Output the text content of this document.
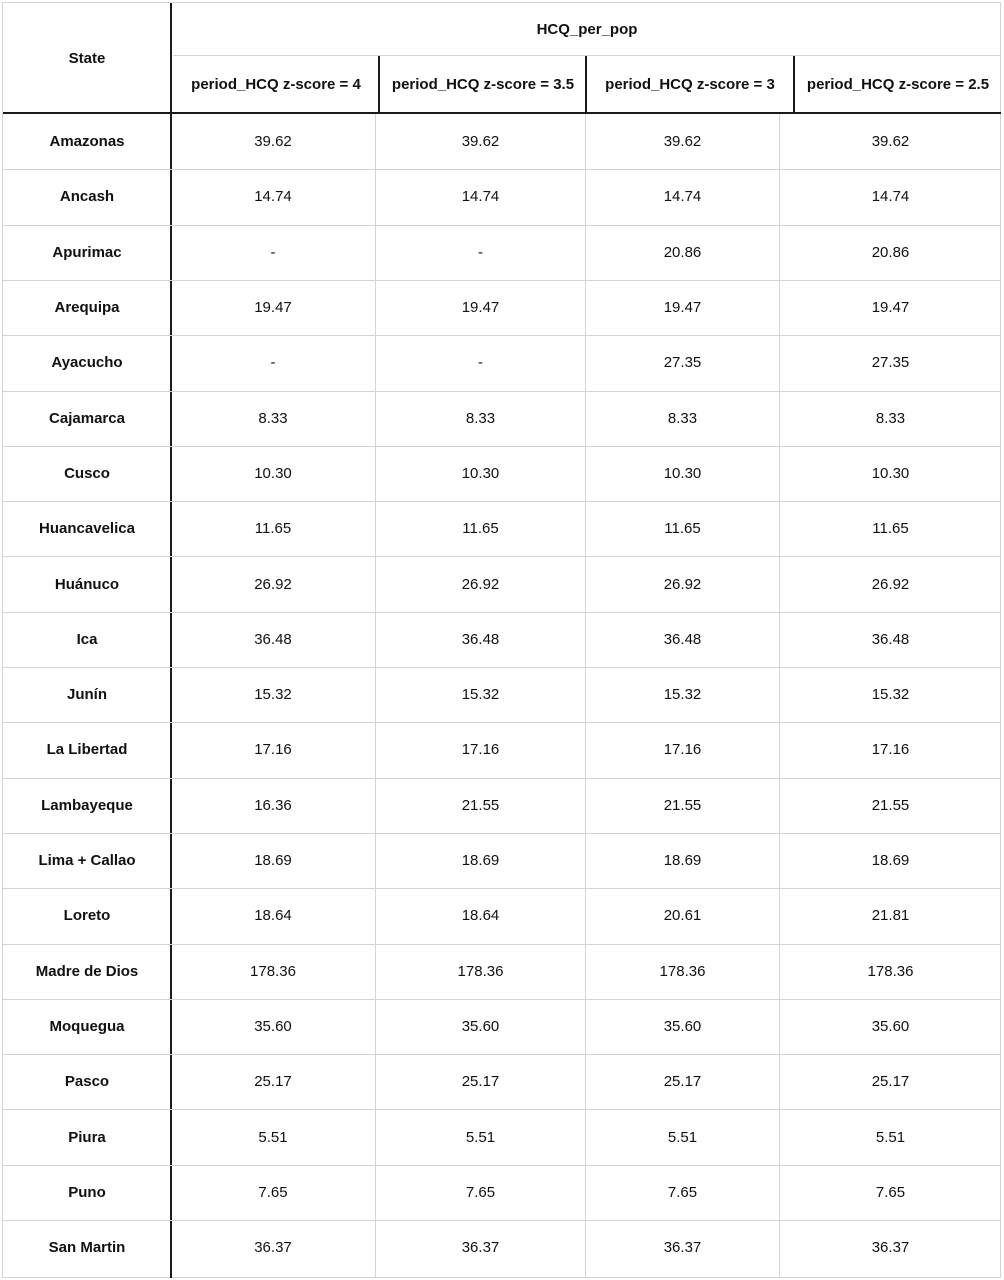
State
HCQ_per_pop
period_HCQ z-score = 4	period_HCQ z-score = 3.5	period_HCQ z-score = 3	period_HCQ z-score = 2.5
Amazonas	39.62	39.62	39.62	39.62
Ancash	14.74	14.74	14.74	14.74
Apurimac	-	-	20.86	20.86
Arequipa	19.47	19.47	19.47	19.47
Ayacucho	-	-	27.35	27.35
Cajamarca	8.33	8.33	8.33	8.33
Cusco	10.30	10.30	10.30	10.30
Huancavelica	11.65	11.65	11.65	11.65
Huánuco	26.92	26.92	26.92	26.92
Ica	36.48	36.48	36.48	36.48
Junín	15.32	15.32	15.32	15.32
La Libertad	17.16	17.16	17.16	17.16
Lambayeque	16.36	21.55	21.55	21.55
Lima + Callao	18.69	18.69	18.69	18.69
Loreto	18.64	18.64	20.61	21.81
Madre de Dios	178.36	178.36	178.36	178.36
Moquegua	35.60	35.60	35.60	35.60
Pasco	25.17	25.17	25.17	25.17
Piura	5.51	5.51	5.51	5.51
Puno	7.65	7.65	7.65	7.65
San Martin	36.37	36.37	36.37	36.37
